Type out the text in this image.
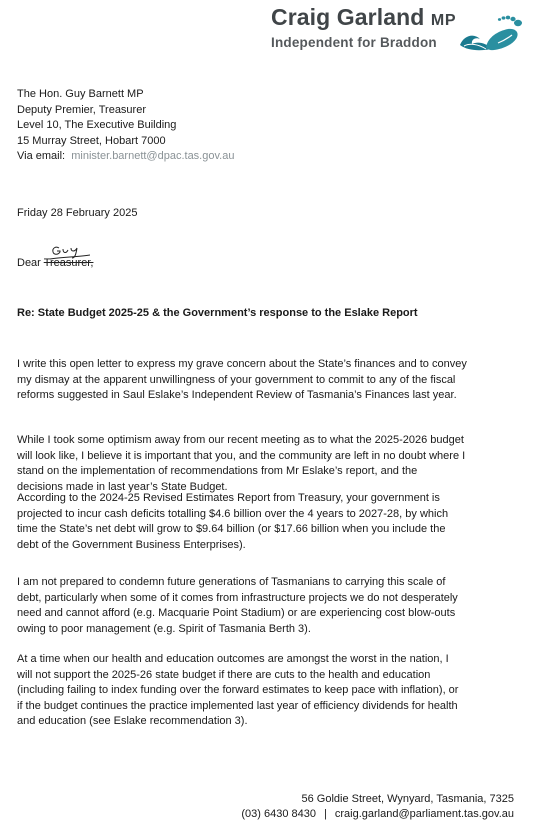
Craig Garland MP
Independent for Braddon
The Hon. Guy Barnett MP
Deputy Premier, Treasurer
Level 10, The Executive Building
15 Murray Street, Hobart 7000
Via email: minister.barnett@dpac.tas.gov.au
Friday 28 February 2025
Dear Treasurer,
Re: State Budget 2025-25 & the Government’s response to the Eslake Report
I write this open letter to express my grave concern about the State’s finances and to convey
my dismay at the apparent unwillingness of your government to commit to any of the fiscal
reforms suggested in Saul Eslake’s Independent Review of Tasmania’s Finances last year.
While I took some optimism away from our recent meeting as to what the 2025-2026 budget
will look like, I believe it is important that you, and the community are left in no doubt where I
stand on the implementation of recommendations from Mr Eslake’s report, and the
decisions made in last year’s State Budget.
According to the 2024-25 Revised Estimates Report from Treasury, your government is
projected to incur cash deficits totalling $4.6 billion over the 4 years to 2027-28, by which
time the State’s net debt will grow to $9.64 billion (or $17.66 billion when you include the
debt of the Government Business Enterprises).
I am not prepared to condemn future generations of Tasmanians to carrying this scale of
debt, particularly when some of it comes from infrastructure projects we do not desperately
need and cannot afford (e.g. Macquarie Point Stadium) or are experiencing cost blow-outs
owing to poor management (e.g. Spirit of Tasmania Berth 3).
At a time when our health and education outcomes are amongst the worst in the nation, I
will not support the 2025-26 state budget if there are cuts to the health and education
(including failing to index funding over the forward estimates to keep pace with inflation), or
if the budget continues the practice implemented last year of efficiency dividends for health
and education (see Eslake recommendation 3).
56 Goldie Street, Wynyard, Tasmania, 7325
(03) 6430 8430 | craig.garland@parliament.tas.gov.au
